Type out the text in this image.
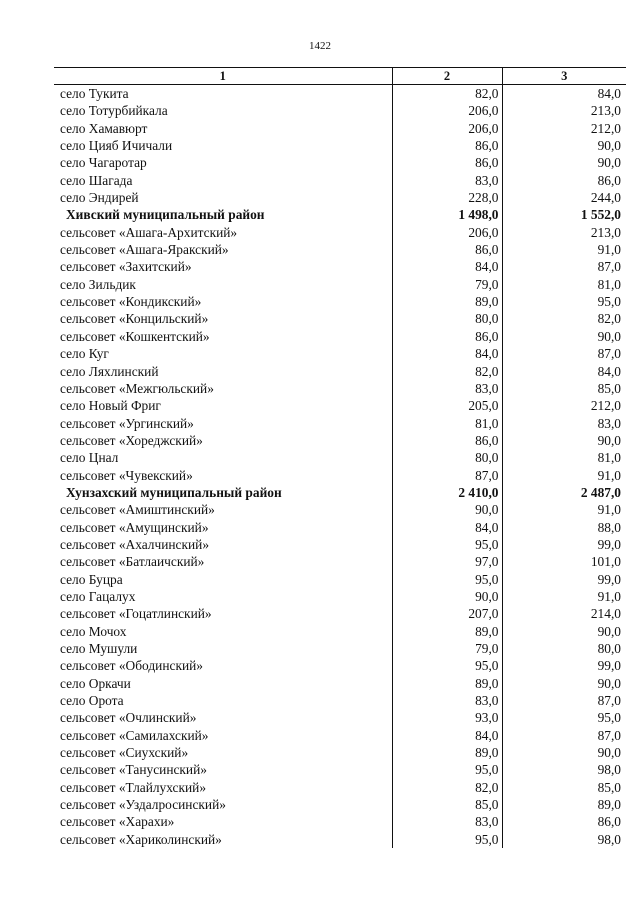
1422
1	2	3
село Тукита	82,0	84,0
село Тотурбийкала	206,0	213,0
село Хамавюрт	206,0	212,0
село Цияб Ичичали	86,0	90,0
село Чагаротар	86,0	90,0
село Шагада	83,0	86,0
село Эндирей	228,0	244,0
Хивский муниципальный район	1 498,0	1 552,0
сельсовет «Ашага-Архитский»	206,0	213,0
сельсовет «Ашага-Яракский»	86,0	91,0
сельсовет «Захитский»	84,0	87,0
село Зильдик	79,0	81,0
сельсовет «Кондикский»	89,0	95,0
сельсовет «Концильский»	80,0	82,0
сельсовет «Кошкентский»	86,0	90,0
село Куг	84,0	87,0
село Ляхлинский	82,0	84,0
сельсовет «Межгюльский»	83,0	85,0
село Новый Фриг	205,0	212,0
сельсовет «Ургинский»	81,0	83,0
сельсовет «Хореджский»	86,0	90,0
село Цнал	80,0	81,0
сельсовет «Чувекский»	87,0	91,0
Хунзахский муниципальный район	2 410,0	2 487,0
сельсовет «Амиштинский»	90,0	91,0
сельсовет «Амущинский»	84,0	88,0
сельсовет «Ахалчинский»	95,0	99,0
сельсовет «Батлаичский»	97,0	101,0
село Буцра	95,0	99,0
село Гацалух	90,0	91,0
сельсовет «Гоцатлинский»	207,0	214,0
село Мочох	89,0	90,0
село Мушули	79,0	80,0
сельсовет «Ободинский»	95,0	99,0
село Оркачи	89,0	90,0
село Орота	83,0	87,0
сельсовет «Очлинский»	93,0	95,0
сельсовет «Самилахский»	84,0	87,0
сельсовет «Сиухский»	89,0	90,0
сельсовет «Танусинский»	95,0	98,0
сельсовет «Тлайлухский»	82,0	85,0
сельсовет «Уздалросинский»	85,0	89,0
сельсовет «Харахи»	83,0	86,0
сельсовет «Хариколинский»	95,0	98,0
